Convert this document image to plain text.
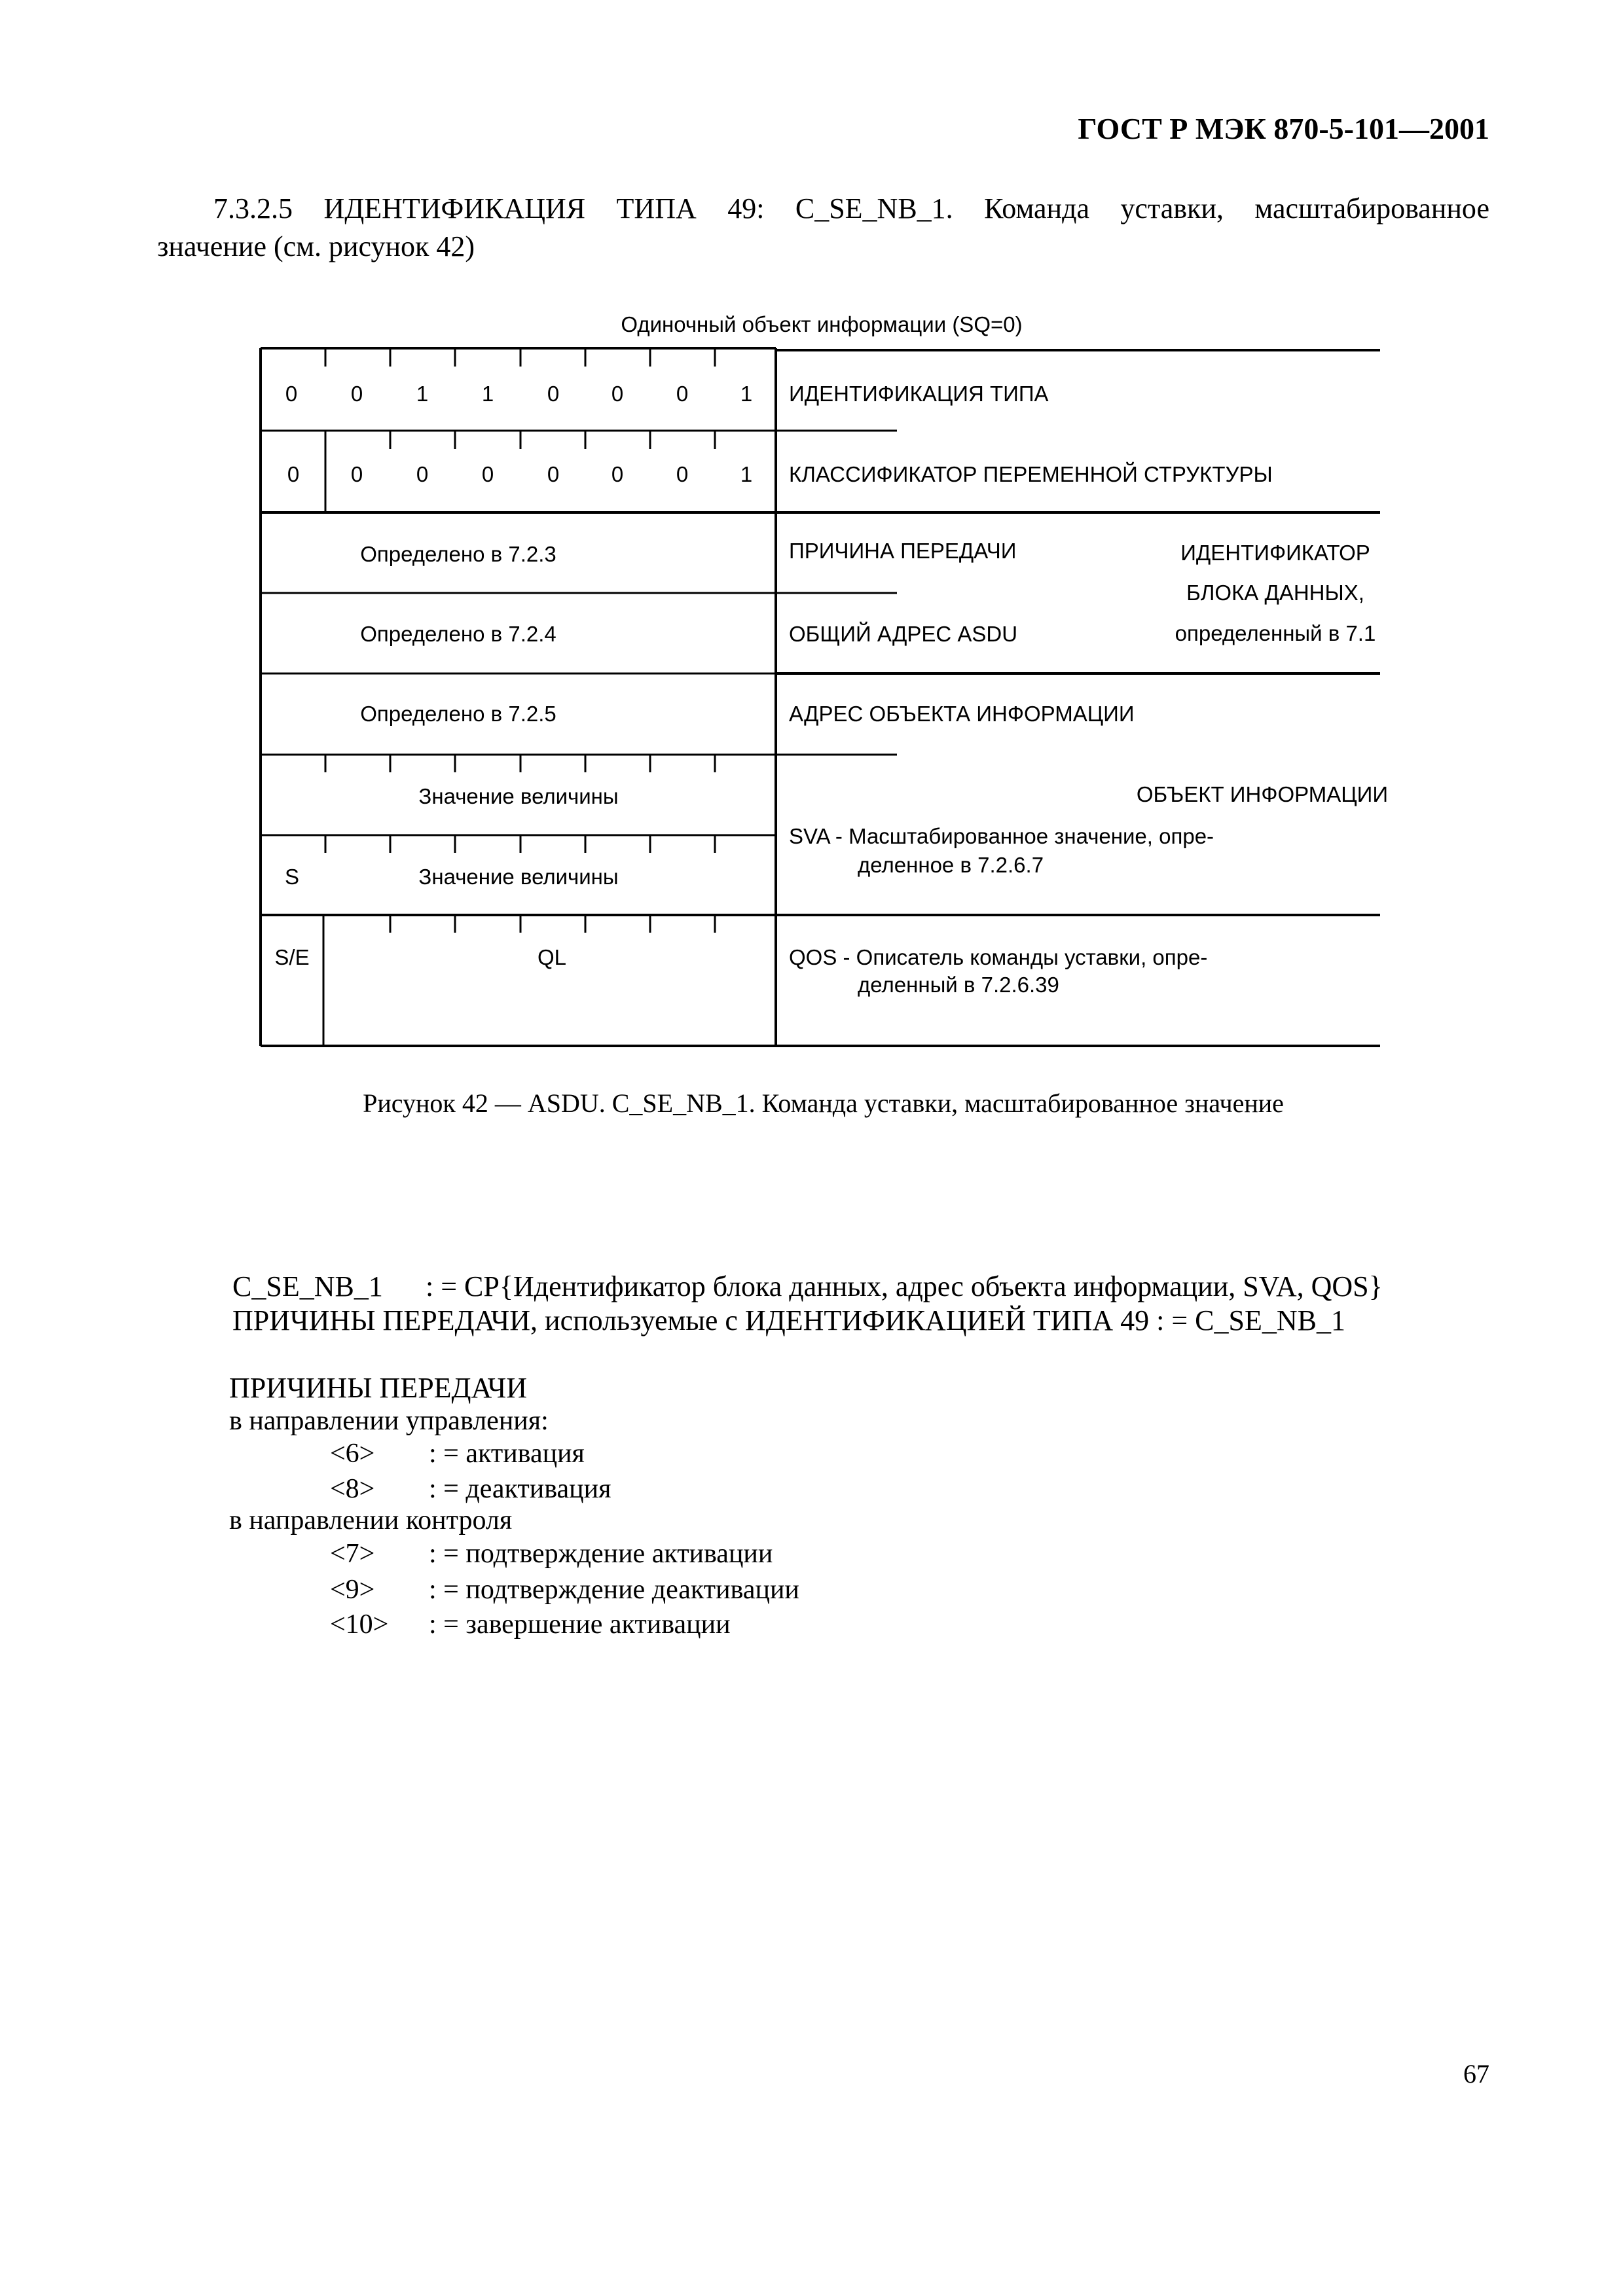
ГОСТ Р МЭК 870-5-101—2001
7.3.2.5 ИДЕНТИФИКАЦИЯ ТИПА 49: C_SE_NB_1. Команда уставки, масштабированное
значение (см. рисунок 42)
Одиночный объект информации (SQ=0)
0 0 1 1 0 0 0 1 ИДЕНТИФИКАЦИЯ ТИПА
0 0 0 0 0 0 0 1 КЛАССИФИКАТОР ПЕРЕМЕННОЙ СТРУКТУРЫ
Определено в 7.2.3	ПРИЧИНА ПЕРЕДАЧИ	ИДЕНТИФИКАТОР
БЛОКА ДАННЫХ,
определенный в 7.1
Определено в 7.2.4	ОБЩИЙ АДРЕС ASDU
Определено в 7.2.5	АДРЕС ОБЪЕКТА ИНФОРМАЦИИ
Значение величины	ОБЪЕКТ ИНФОРМАЦИИ
SVA - Масштабированное значение, опре-
деленное в 7.2.6.7
S	Значение величины
S/E	QL	QOS - Описатель команды уставки, опре-
деленный в 7.2.6.39
Рисунок 42 — ASDU. C_SE_NB_1. Команда уставки, масштабированное значение
C_SE_NB_1 : = CP{Идентификатор блока данных, адрес объекта информации, SVA, QOS}
ПРИЧИНЫ ПЕРЕДАЧИ, используемые с ИДЕНТИФИКАЦИЕЙ ТИПА 49 : = C_SE_NB_1
ПРИЧИНЫ ПЕРЕДАЧИ
в направлении управления:
<6> : = активация
<8> : = деактивация
в направлении контроля
<7> : = подтверждение активации
<9> : = подтверждение деактивации
<10> : = завершение активации
67
